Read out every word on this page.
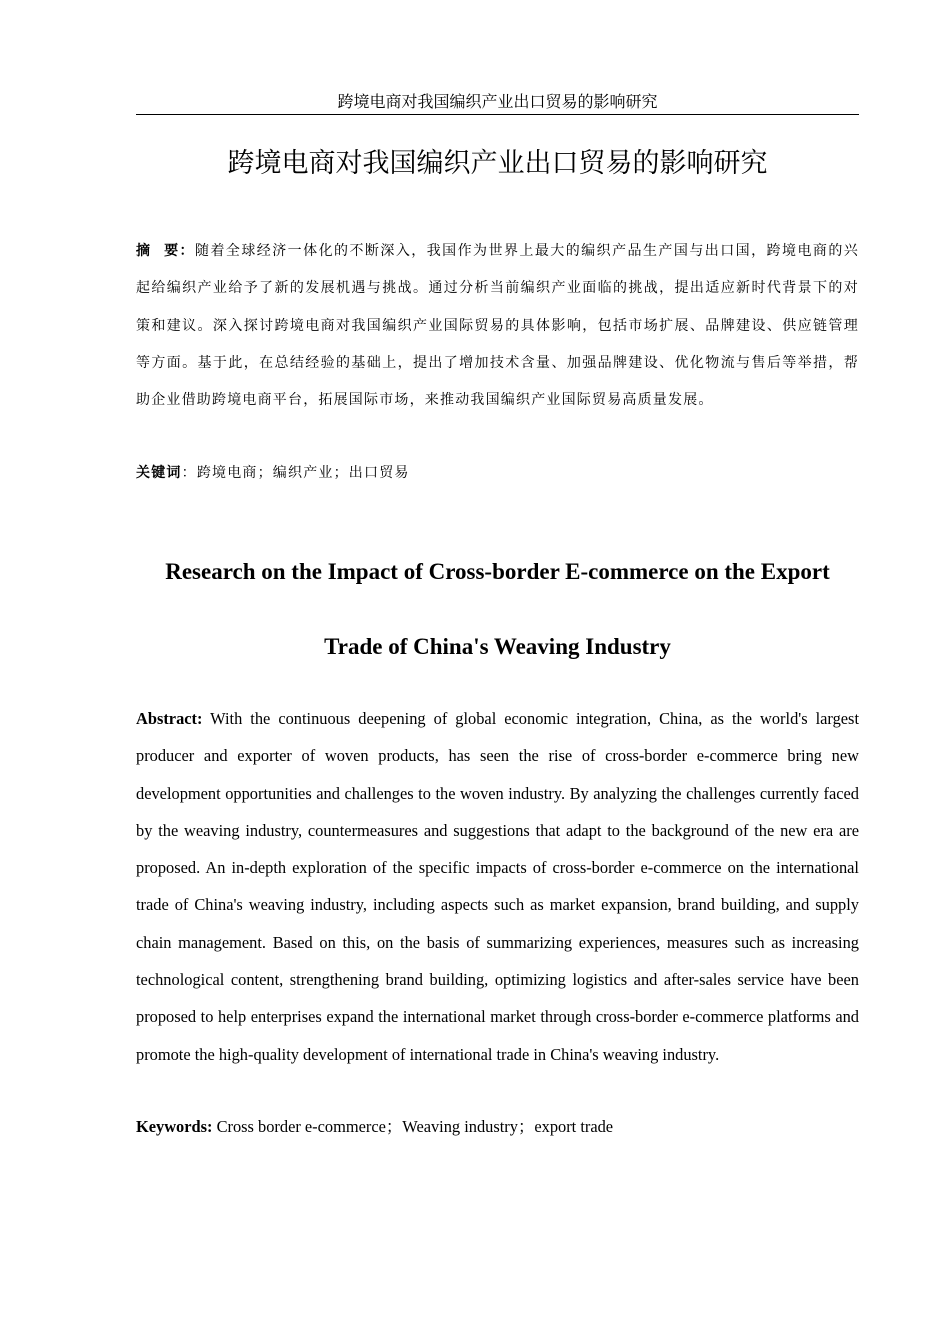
跨境电商对我国编织产业出口贸易的影响研究
跨境电商对我国编织产业出口贸易的影响研究
摘  要：随着全球经济一体化的不断深入，我国作为世界上最大的编织产品生产国与出口国，跨境电商的兴起给编织产业给予了新的发展机遇与挑战。通过分析当前编织产业面临的挑战，提出适应新时代背景下的对策和建议。深入探讨跨境电商对我国编织产业国际贸易的具体影响，包括市场扩展、品牌建设、供应链管理等方面。基于此，在总结经验的基础上，提出了增加技术含量、加强品牌建设、优化物流与售后等举措，帮助企业借助跨境电商平台，拓展国际市场，来推动我国编织产业国际贸易高质量发展。
关键词：跨境电商；编织产业；出口贸易
Research on the Impact of Cross-border E-commerce on the Export
Trade of China's Weaving Industry
Abstract: With the continuous deepening of global economic integration, China, as the world's largest producer and exporter of woven products, has seen the rise of cross-border e-commerce bring new development opportunities and challenges to the woven industry. By analyzing the challenges currently faced by the weaving industry, countermeasures and suggestions that adapt to the background of the new era are proposed. An in-depth exploration of the specific impacts of cross-border e-commerce on the international trade of China's weaving industry, including aspects such as market expansion, brand building, and supply chain management. Based on this, on the basis of summarizing experiences, measures such as increasing technological content, strengthening brand building, optimizing logistics and after-sales service have been proposed to help enterprises expand the international market through cross-border e-commerce platforms and promote the high-quality development of international trade in China's weaving industry.
Keywords: Cross border e-commerce；Weaving industry；export trade
